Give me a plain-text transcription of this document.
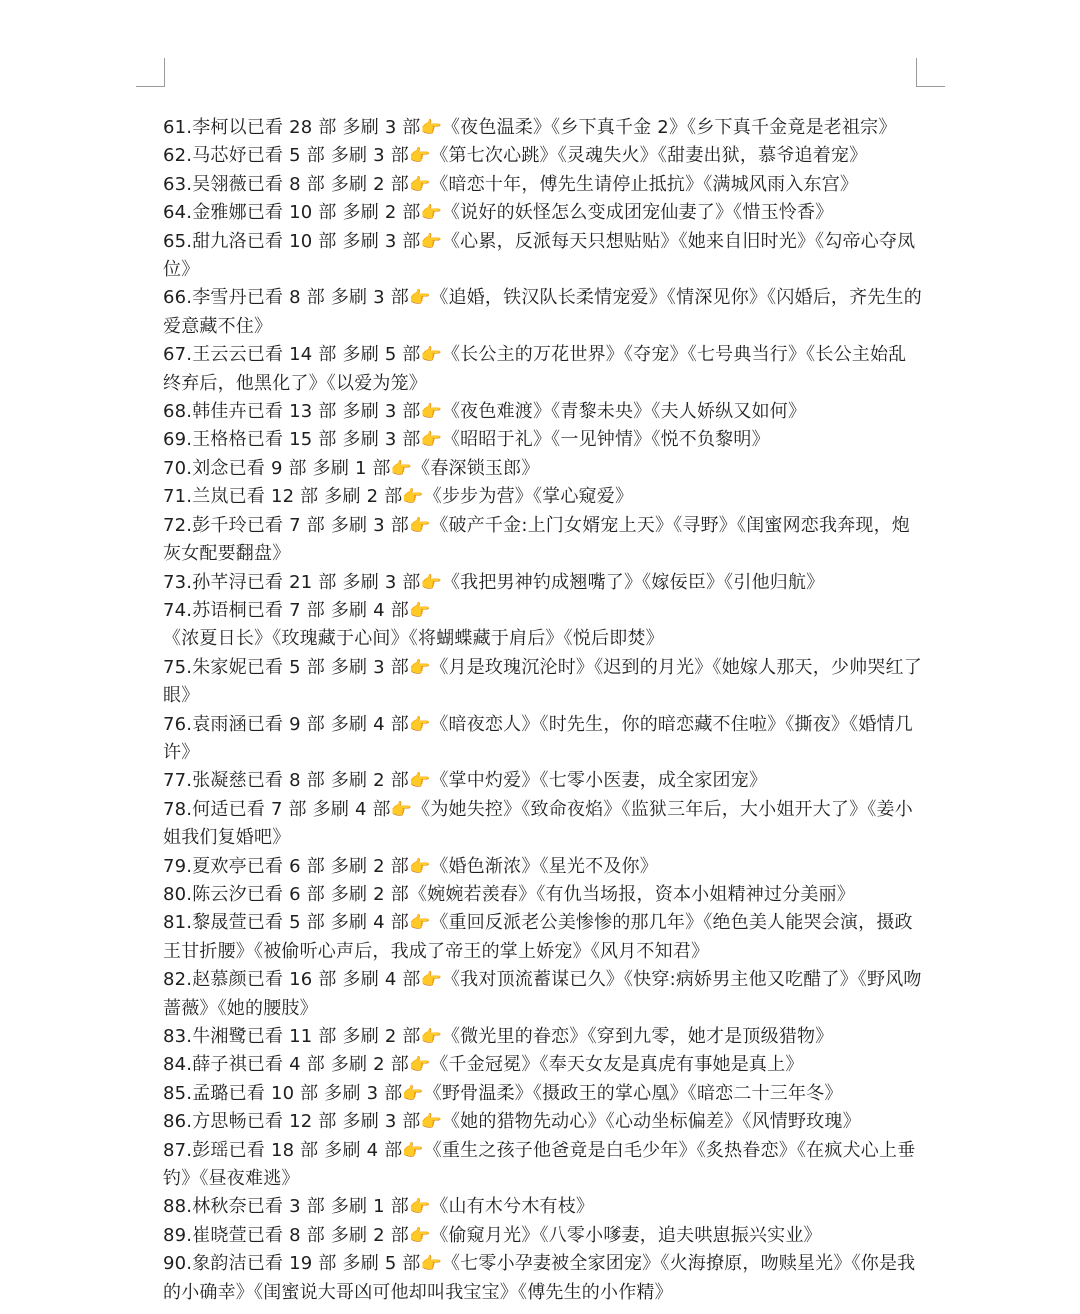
61.李柯以已看 28 部 多刷 3 部👉《夜色温柔》《乡下真千金 2》《乡下真千金竟是老祖宗》
62.马芯妤已看 5 部 多刷 3 部👉《第七次心跳》《灵魂失火》《甜妻出狱，慕爷追着宠》
63.吴翎薇已看 8 部 多刷 2 部👉《暗恋十年，傅先生请停止抵抗》《满城风雨入东宫》
64.金雅娜已看 10 部 多刷 2 部👉《说好的妖怪怎么变成团宠仙妻了》《惜玉怜香》
65.甜九洛已看 10 部 多刷 3 部👉《心累，反派每天只想贴贴》《她来自旧时光》《勾帝心夺凤位》
66.李雪丹已看 8 部 多刷 3 部👉《追婚，铁汉队长柔情宠爱》《情深见你》《闪婚后，齐先生的爱意藏不住》
67.王云云已看 14 部 多刷 5 部👉《长公主的万花世界》《夺宠》《七号典当行》《长公主始乱终弃后，他黑化了》《以爱为笼》
68.韩佳卉已看 13 部 多刷 3 部👉《夜色难渡》《青黎未央》《夫人娇纵又如何》
69.王格格已看 15 部 多刷 3 部👉《昭昭于礼》《一见钟情》《悦不负黎明》
70.刘念已看 9 部 多刷 1 部👉《春深锁玉郎》
71.兰岚已看 12 部 多刷 2 部👉《步步为营》《掌心窥爱》
72.彭千玲已看 7 部 多刷 3 部👉《破产千金:上门女婿宠上天》《寻野》《闺蜜网恋我奔现，炮灰女配要翻盘》
73.孙芊浔已看 21 部 多刷 3 部👉《我把男神钓成翘嘴了》《嫁佞臣》《引他归航》
74.苏语桐已看 7 部 多刷 4 部👉《浓夏日长》《玫瑰藏于心间》《将蝴蝶藏于肩后》《悦后即焚》
75.朱家妮已看 5 部 多刷 3 部👉《月是玫瑰沉沦时》《迟到的月光》《她嫁人那天，少帅哭红了眼》
76.袁雨涵已看 9 部 多刷 4 部👉《暗夜恋人》《时先生，你的暗恋藏不住啦》《撕夜》《婚情几许》
77.张凝慈已看 8 部 多刷 2 部👉《掌中灼爱》《七零小医妻，成全家团宠》
78.何适已看 7 部 多刷 4 部👉《为她失控》《致命夜焰》《监狱三年后，大小姐开大了》《姜小姐我们复婚吧》
79.夏欢亭已看 6 部 多刷 2 部👉《婚色渐浓》《星光不及你》
80.陈云汐已看 6 部 多刷 2 部《婉婉若羡春》《有仇当场报，资本小姐精神过分美丽》
81.黎晟萱已看 5 部 多刷 4 部👉《重回反派老公美惨惨的那几年》《绝色美人能哭会演，摄政王甘折腰》《被偷听心声后，我成了帝王的掌上娇宠》《风月不知君》
82.赵慕颜已看 16 部 多刷 4 部👉《我对顶流蓄谋已久》《快穿:病娇男主他又吃醋了》《野风吻蔷薇》《她的腰肢》
83.牛湘鹭已看 11 部 多刷 2 部👉《微光里的眷恋》《穿到九零，她才是顶级猎物》
84.薛子祺已看 4 部 多刷 2 部👉《千金冠冕》《奉天女友是真虎有事她是真上》
85.孟璐已看 10 部 多刷 3 部👉《野骨温柔》《摄政王的掌心凰》《暗恋二十三年冬》
86.方思畅已看 12 部 多刷 3 部👉《她的猎物先动心》《心动坐标偏差》《风情野玫瑰》
87.彭瑶已看 18 部 多刷 4 部👉《重生之孩子他爸竟是白毛少年》《炙热眷恋》《在疯犬心上垂钓》《昼夜难逃》
88.林秋奈已看 3 部 多刷 1 部👉《山有木兮木有枝》
89.崔晓萱已看 8 部 多刷 2 部👉《偷窥月光》《八零小嗲妻，追夫哄崽振兴实业》
90.象韵洁已看 19 部 多刷 5 部👉《七零小孕妻被全家团宠》《火海撩原，吻赎星光》《你是我的小确幸》《闺蜜说大哥凶可他却叫我宝宝》《傅先生的小作精》
